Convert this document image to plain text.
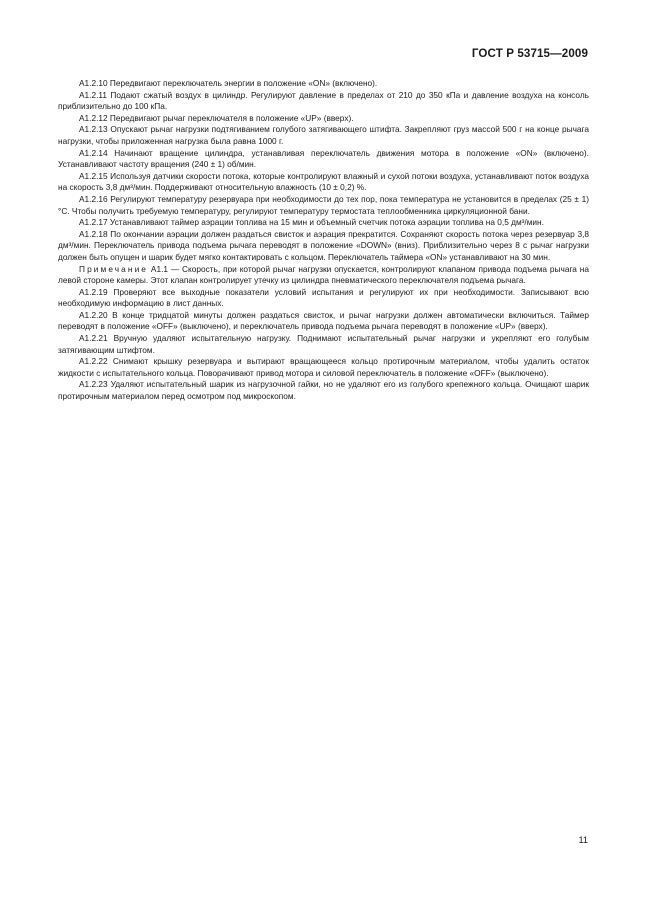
ГОСТ Р 53715—2009

А1.2.10 Передвигают переключатель энергии в положение «ON» (включено).

А1.2.11 Подают сжатый воздух в цилиндр. Регулируют давление в пределах от 210 до 350 кПа и давление воздуха на консоль приблизительно до 100 кПа.

А1.2.12 Передвигают рычаг переключателя в положение «UP» (вверх).

А1.2.13 Опускают рычаг нагрузки подтягиванием голубого затягивающего штифта. Закрепляют груз массой 500 г на конце рычага нагрузки, чтобы приложенная нагрузка была равна 1000 г.

А1.2.14 Начинают вращение цилиндра, устанавливая переключатель движения мотора в положение «ON» (включено). Устанавливают частоту вращения (240 ± 1) об/мин.

А1.2.15 Используя датчики скорости потока, которые контролируют влажный и сухой потоки воздуха, устанавливают поток воздуха на скорость 3,8 дм³/мин. Поддерживают относительную влажность (10 ± 0,2) %.

А1.2.16 Регулируют температуру резервуара при необходимости до тех пор, пока температура не установится в пределах (25 ± 1) °С. Чтобы получить требуемую температуру, регулируют температуру термостата теплообменника циркуляционной бани.

А1.2.17 Устанавливают таймер аэрации топлива на 15 мин и объемный счетчик потока аэрации топлива на 0,5 дм³/мин.

А1.2.18 По окончании аэрации должен раздаться свисток и аэрация прекратится. Сохраняют скорость потока через резервуар 3,8 дм³/мин. Переключатель привода подъема рычага переводят в положение «DOWN» (вниз). Приблизительно через 8 с рычаг нагрузки должен быть опущен и шарик будет мягко контактировать с кольцом. Переключатель таймера «ON» устанавливают на 30 мин.

Примечание А1.1 — Скорость, при которой рычаг нагрузки опускается, контролируют клапаном привода подъема рычага на левой стороне камеры. Этот клапан контролирует утечку из цилиндра пневматического переключателя подъема рычага.

А1.2.19 Проверяют все выходные показатели условий испытания и регулируют их при необходимости. Записывают всю необходимую информацию в лист данных.

А1.2.20 В конце тридцатой минуты должен раздаться свисток, и рычаг нагрузки должен автоматически включиться. Таймер переводят в положение «OFF» (выключено), и переключатель привода подъема рычага переводят в положение «UP» (вверх).

А1.2.21 Вручную удаляют испытательную нагрузку. Поднимают испытательный рычаг нагрузки и укрепляют его голубым затягивающим штифтом.

А1.2.22 Снимают крышку резервуара и вытирают вращающееся кольцо протирочным материалом, чтобы удалить остаток жидкости с испытательного кольца. Поворачивают привод мотора и силовой переключатель в положение «OFF» (выключено).

А1.2.23 Удаляют испытательный шарик из нагрузочной гайки, но не удаляют его из голубого крепежного кольца. Очищают шарик протирочным материалом перед осмотром под микроскопом.

11
